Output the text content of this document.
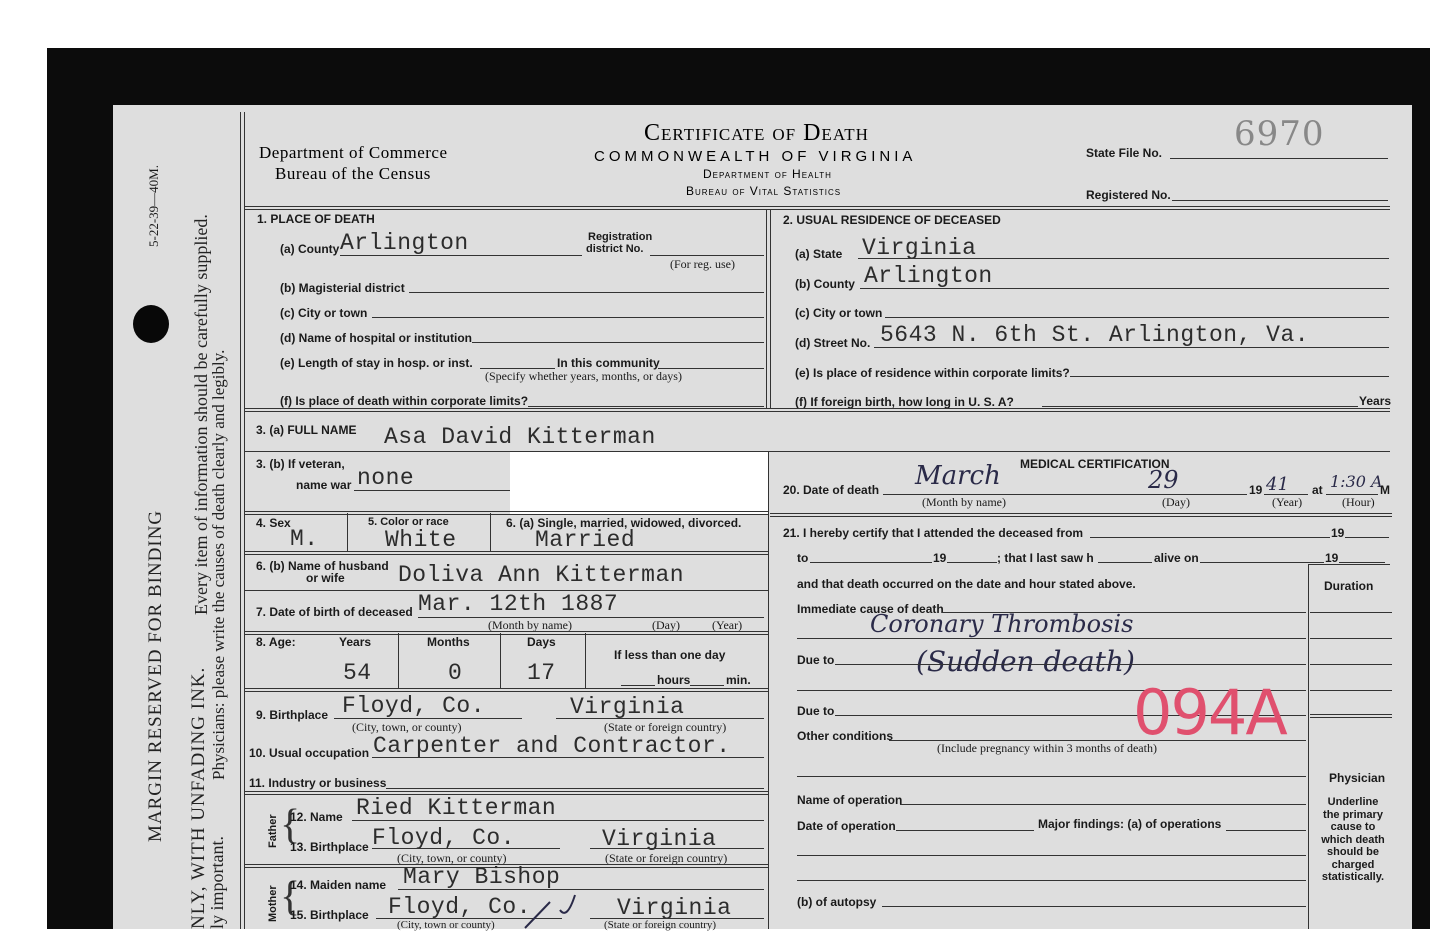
5-22-39—40M.
MARGIN RESERVED FOR BINDING NLY, WITH UNFADING INK.
Every item of information should be carefully supplied.
ly important.
Physicians: please write the causes of death clearly and legibly.
Department of Commerce
Bureau of the Census
Certificate of Death
COMMONWEALTH OF VIRGINIA
Department of Health
Bureau of Vital Statistics
State File No. 6970
Registered No.
1. PLACE OF DEATH
(a) County Arlington	Registration
district No.
(For reg. use)
(b) Magisterial district
(c) City or town
(d) Name of hospital or institution
(e) Length of stay in hosp. or inst.	In this community
(Specify whether years, months, or days)
(f) Is place of death within corporate limits?
2. USUAL RESIDENCE OF DECEASED
(a) State Virginia
(b) County Arlington
(c) City or town
(d) Street No. 5643 N. 6th St. Arlington, Va.
(e) Is place of residence within corporate limits?
(f) If foreign birth, how long in U. S. A?	Years
3. (a) FULL NAME Asa David Kitterman
3. (b) If veteran,
name war none
4. Sex
M.
5. Color or race
White
6. (a) Single, married, widowed, divorced.
Married
6. (b) Name of husband
or wife Doliva Ann Kitterman
7. Date of birth of deceased Mar. 12th 1887
(Month by name)	(Day)	(Year)
8. Age:	Years	Months	Days
54	0	17
If less than one day
hours	min.
9. Birthplace Floyd, Co.	Virginia
(City, town, or county)	(State or foreign country)
10. Usual occupation Carpenter and Contractor.
11. Industry or business
Father {
12. Name Ried Kitterman
13. Birthplace Floyd, Co.	Virginia
(City, town, or county)	(State or foreign country)
Mother {
14. Maiden name Mary Bishop
15. Birthplace Floyd, Co.	Virginia
(City, town or county)	(State or foreign country)
MEDICAL CERTIFICATION
20. Date of death March	29	19 41 at 1:30 A
M
(Month by name)	(Day)	(Year)	(Hour)
21. I hereby certify that I attended the deceased from	19
to	19	; that I last saw h	alive on	19
and that death occurred on the date and hour stated above.	Duration
Physician
Underline the primary cause to which death should be charged statistically.
Immediate cause of death
Coronary Thrombosis
Due to	(Sudden death)
Due to	094A
Other conditions
(Include pregnancy within 3 months of death)
Name of operation
Date of operation	Major findings: (a) of operations
(b) of autopsy
